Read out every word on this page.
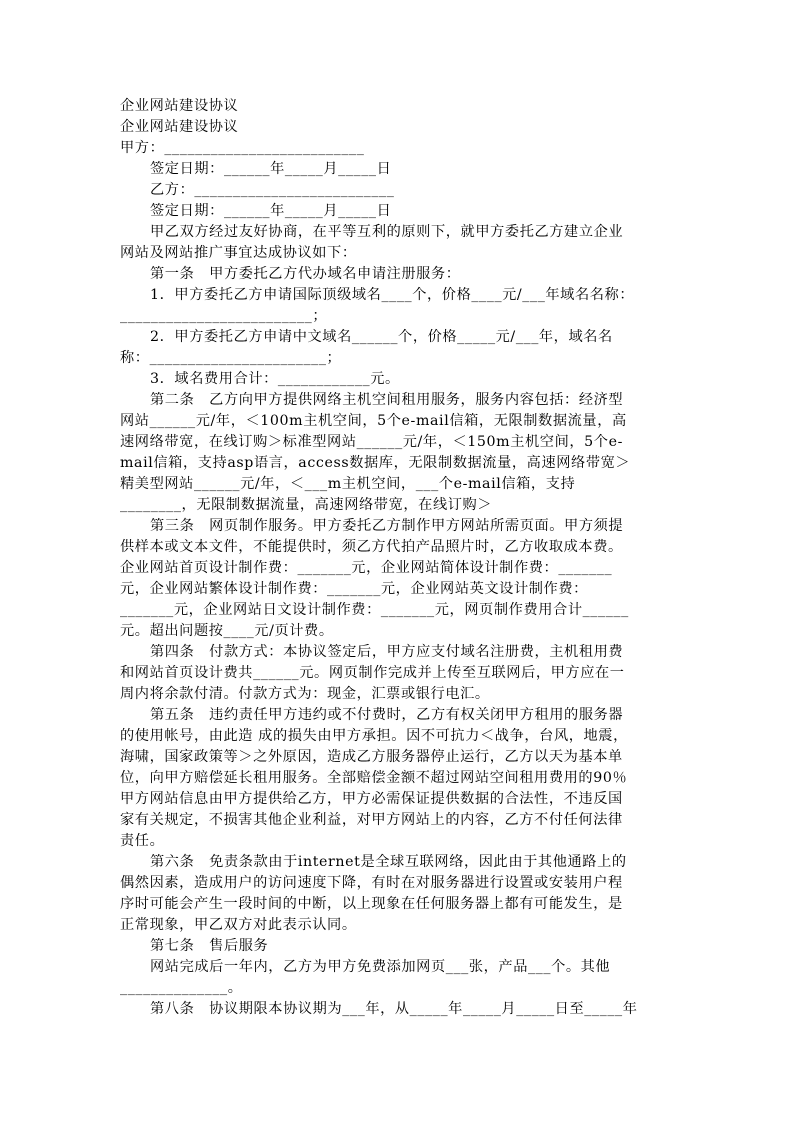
企业网站建设协议
企业网站建设协议
甲方：__________________________
签定日期：______年_____月_____日
乙方：__________________________
签定日期：______年_____月_____日
甲乙双方经过友好协商，在平等互利的原则下，就甲方委托乙方建立企业
网站及网站推广事宜达成协议如下：
第一条　甲方委托乙方代办域名申请注册服务：
1．甲方委托乙方申请国际顶级域名____个，价格____元/___年域名名称：
_________________________；
2．甲方委托乙方申请中文域名______个，价格_____元/___年，域名名
称：_______________________；
3．域名费用合计：____________元。
第二条　乙方向甲方提供网络主机空间租用服务，服务内容包括：经济型
网站______元/年，＜100m主机空间，5个e-mail信箱，无限制数据流量，高
速网络带宽，在线订购＞标准型网站______元/年，＜150m主机空间，5个e-
mail信箱，支持asp语言，access数据库，无限制数据流量，高速网络带宽＞
精美型网站______元/年，＜___m主机空间，___个e-mail信箱，支持
________，无限制数据流量，高速网络带宽，在线订购＞
第三条　网页制作服务。甲方委托乙方制作甲方网站所需页面。甲方须提
供样本或文本文件，不能提供时，须乙方代拍产品照片时，乙方收取成本费。
企业网站首页设计制作费：_______元，企业网站简体设计制作费：_______
元，企业网站繁体设计制作费：_______元，企业网站英文设计制作费：
_______元，企业网站日文设计制作费：_______元，网页制作费用合计______
元。超出问题按____元/页计费。
第四条　付款方式：本协议签定后，甲方应支付域名注册费，主机租用费
和网站首页设计费共______元。网页制作完成并上传至互联网后，甲方应在一
周内将余款付清。付款方式为：现金，汇票或银行电汇。
第五条　违约责任甲方违约或不付费时，乙方有权关闭甲方租用的服务器
的使用帐号，由此造 成的损失由甲方承担。因不可抗力＜战争，台风，地震，
海啸，国家政策等＞之外原因，造成乙方服务器停止运行，乙方以天为基本单
位，向甲方赔偿延长租用服务。全部赔偿金额不超过网站空间租用费用的90％
甲方网站信息由甲方提供给乙方，甲方必需保证提供数据的合法性，不违反国
家有关规定，不损害其他企业利益，对甲方网站上的内容，乙方不付任何法律
责任。
第六条　免责条款由于internet是全球互联网络，因此由于其他通路上的
偶然因素，造成用户的访问速度下降，有时在对服务器进行设置或安装用户程
序时可能会产生一段时间的中断，以上现象在任何服务器上都有可能发生，是
正常现象，甲乙双方对此表示认同。
第七条　售后服务
网站完成后一年内，乙方为甲方免费添加网页___张，产品___个。其他
______________。
第八条　协议期限本协议期为___年，从_____年_____月_____日至_____年
